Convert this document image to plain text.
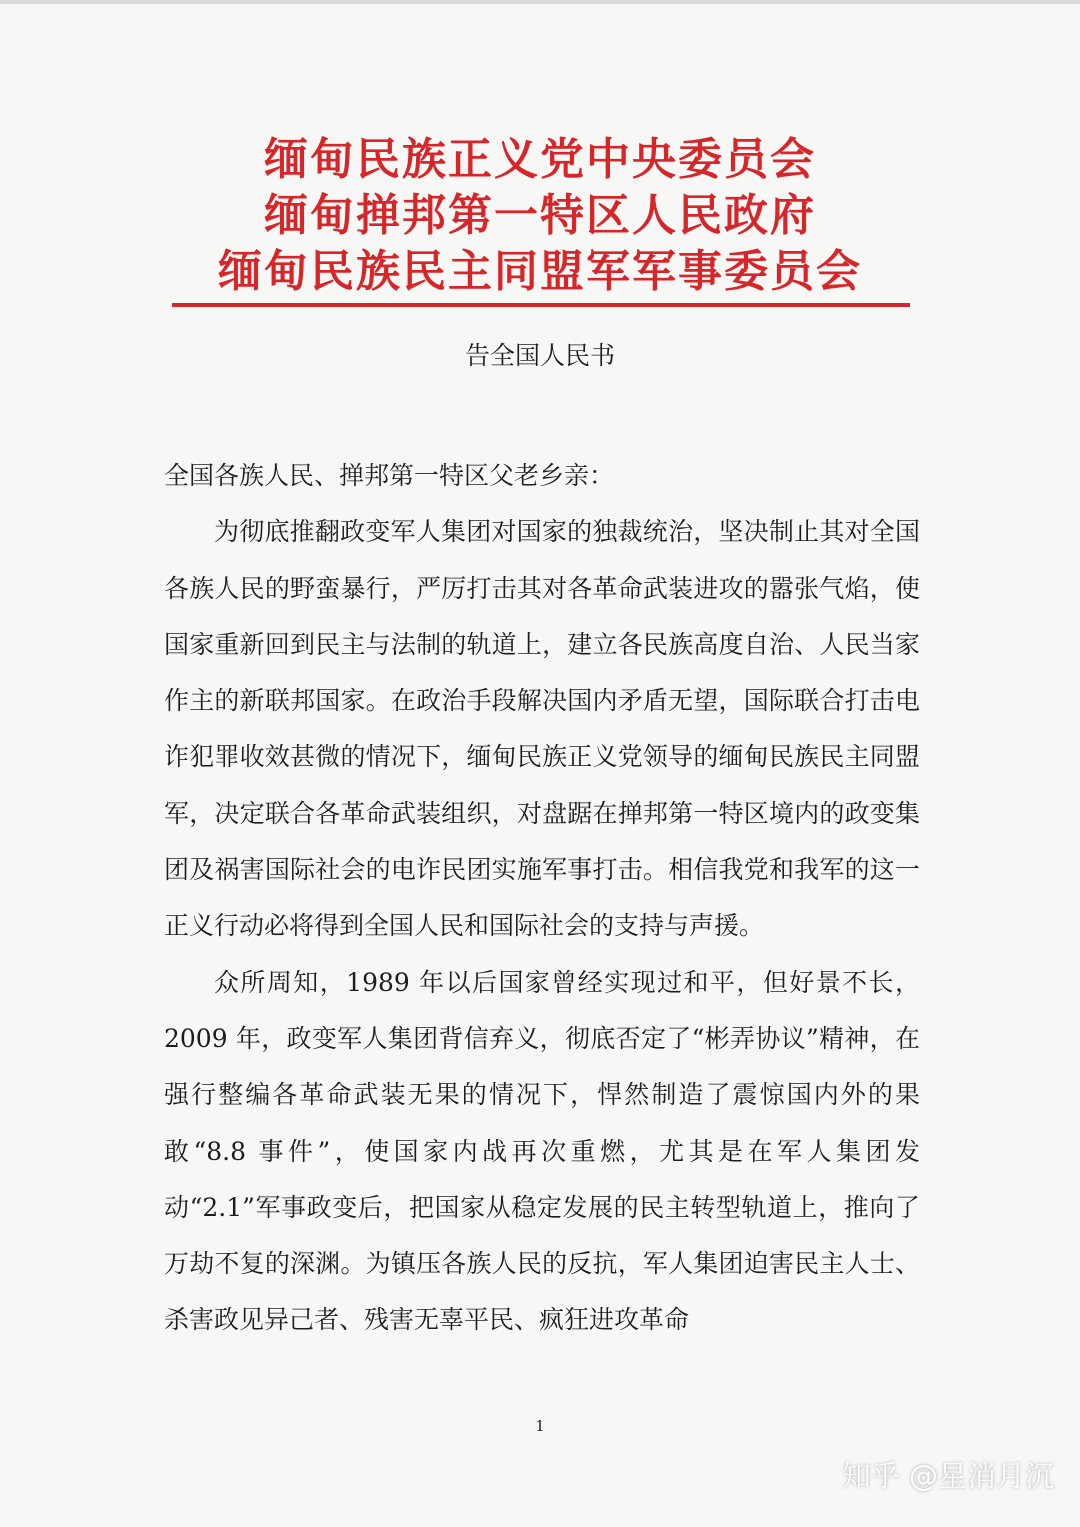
缅甸民族正义党中央委员会
缅甸掸邦第一特区人民政府
缅甸民族民主同盟军军事委员会
告全国人民书
全国各族人民、掸邦第一特区父老乡亲：

为彻底推翻政变军人集团对国家的独裁统治，坚决制止其对全国各族人民的野蛮暴行，严厉打击其对各革命武装进攻的嚣张气焰，使国家重新回到民主与法制的轨道上，建立各民族高度自治、人民当家作主的新联邦国家。在政治手段解决国内矛盾无望，国际联合打击电诈犯罪收效甚微的情况下，缅甸民族正义党领导的缅甸民族民主同盟军，决定联合各革命武装组织，对盘踞在掸邦第一特区境内的政变集团及祸害国际社会的电诈民团实施军事打击。相信我党和我军的这一正义行动必将得到全国人民和国际社会的支持与声援。

众所周知，1989 年以后国家曾经实现过和平，但好景不长，2009 年，政变军人集团背信弃义，彻底否定了“彬弄协议”精神，在强行整编各革命武装无果的情况下，悍然制造了震惊国内外的果敢“8.8 事件”，使国家内战再次重燃，尤其是在军人集团发动“2.1”军事政变后，把国家从稳定发展的民主转型轨道上，推向了万劫不复的深渊。为镇压各族人民的反抗，军人集团迫害民主人士、杀害政见异己者、残害无辜平民、疯狂进攻革命

1
知乎 @星消月沉
